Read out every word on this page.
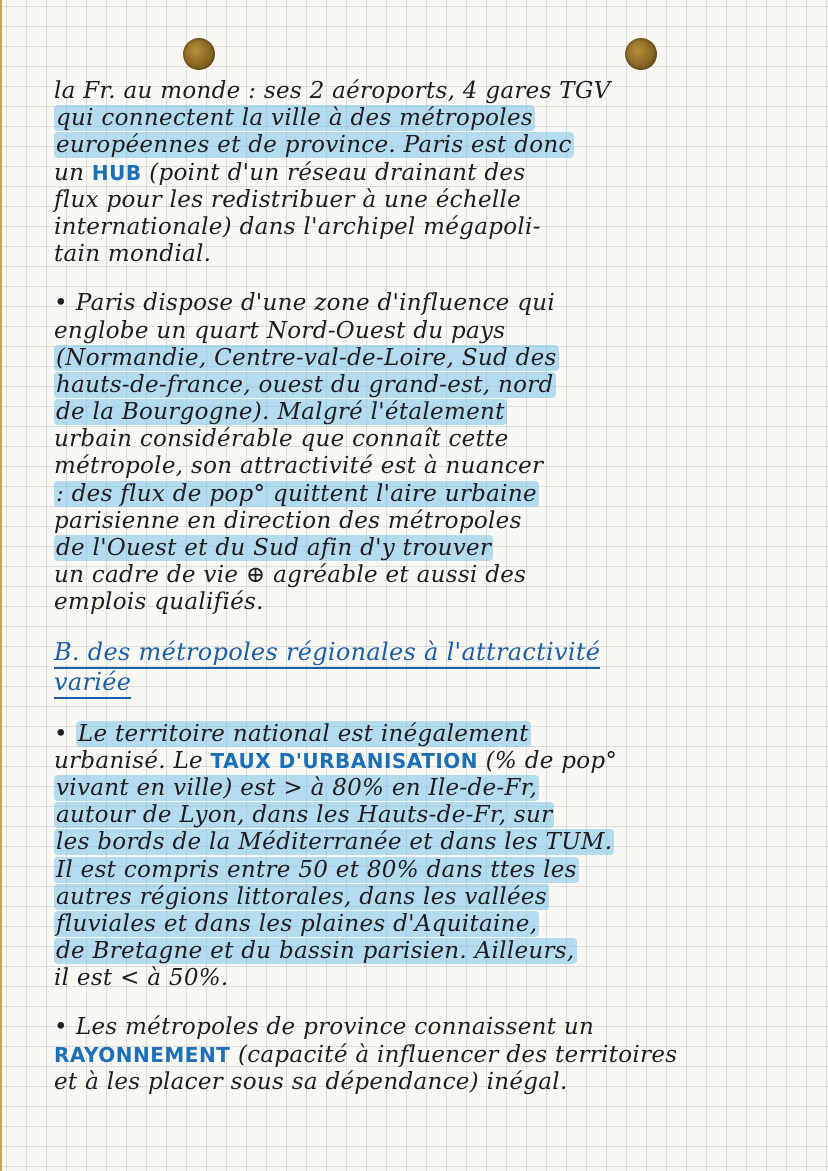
la Fr. au monde : ses 2 aéroports, 4 gares TGV
qui connectent la ville à des métropoles
européennes et de province. Paris est donc
un HUB (point d'un réseau drainant des
flux pour les redistribuer à une échelle
internationale) dans l'archipel mégapoli-
tain mondial.
• Paris dispose d'une zone d'influence qui
englobe un quart Nord-Ouest du pays
(Normandie, Centre-val-de-Loire, Sud des
hauts-de-france, ouest du grand-est, nord
de la Bourgogne). Malgré l'étalement
urbain considérable que connaît cette
métropole, son attractivité est à nuancer
: des flux de pop° quittent l'aire urbaine
parisienne en direction des métropoles
de l'Ouest et du Sud afin d'y trouver
un cadre de vie ⊕ agréable et aussi des
emplois qualifiés.
B. des métropoles régionales à l'attractivité
variée
• Le territoire national est inégalement
urbanisé. Le TAUX D'URBANISATION (% de pop°
vivant en ville) est > à 80% en Ile-de-Fr,
autour de Lyon, dans les Hauts-de-Fr, sur
les bords de la Méditerranée et dans les TUM.
Il est compris entre 50 et 80% dans ttes les
autres régions littorales, dans les vallées
fluviales et dans les plaines d'Aquitaine,
de Bretagne et du bassin parisien. Ailleurs,
il est < à 50%.
• Les métropoles de province connaissent un
RAYONNEMENT (capacité à influencer des territoires
et à les placer sous sa dépendance) inégal.
